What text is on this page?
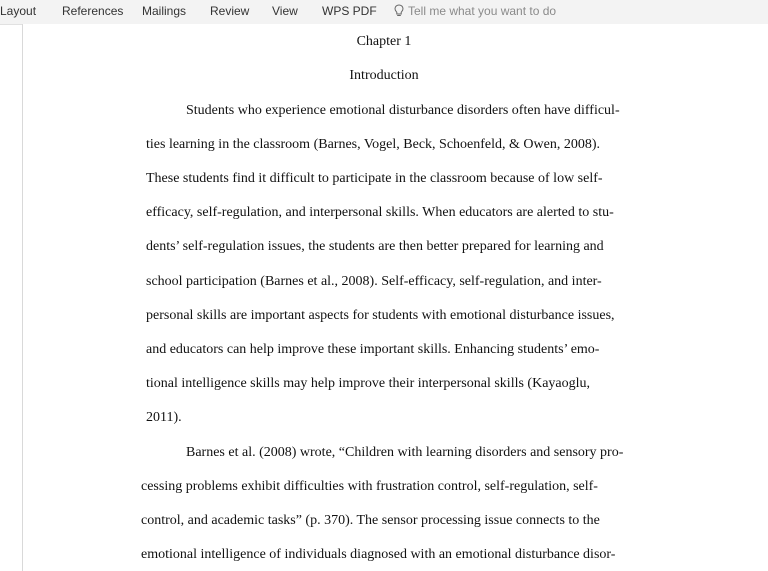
Layout References Mailings Review View WPS PDF	Tell me what you want to do
Chapter 1
Introduction
Students who experience emotional disturbance disorders often have difficul-
ties learning in the classroom (Barnes, Vogel, Beck, Schoenfeld, & Owen, 2008).
These students find it difficult to participate in the classroom because of low self-
efficacy, self-regulation, and interpersonal skills. When educators are alerted to stu-
dents’ self-regulation issues, the students are then better prepared for learning and
school participation (Barnes et al., 2008). Self-efficacy, self-regulation, and inter-
personal skills are important aspects for students with emotional disturbance issues,
and educators can help improve these important skills. Enhancing students’ emo-
tional intelligence skills may help improve their interpersonal skills (Kayaoglu,
2011).
Barnes et al. (2008) wrote, “Children with learning disorders and sensory pro-
cessing problems exhibit difficulties with frustration control, self-regulation, self-
control, and academic tasks” (p. 370). The sensor processing issue connects to the
emotional intelligence of individuals diagnosed with an emotional disturbance disor-
